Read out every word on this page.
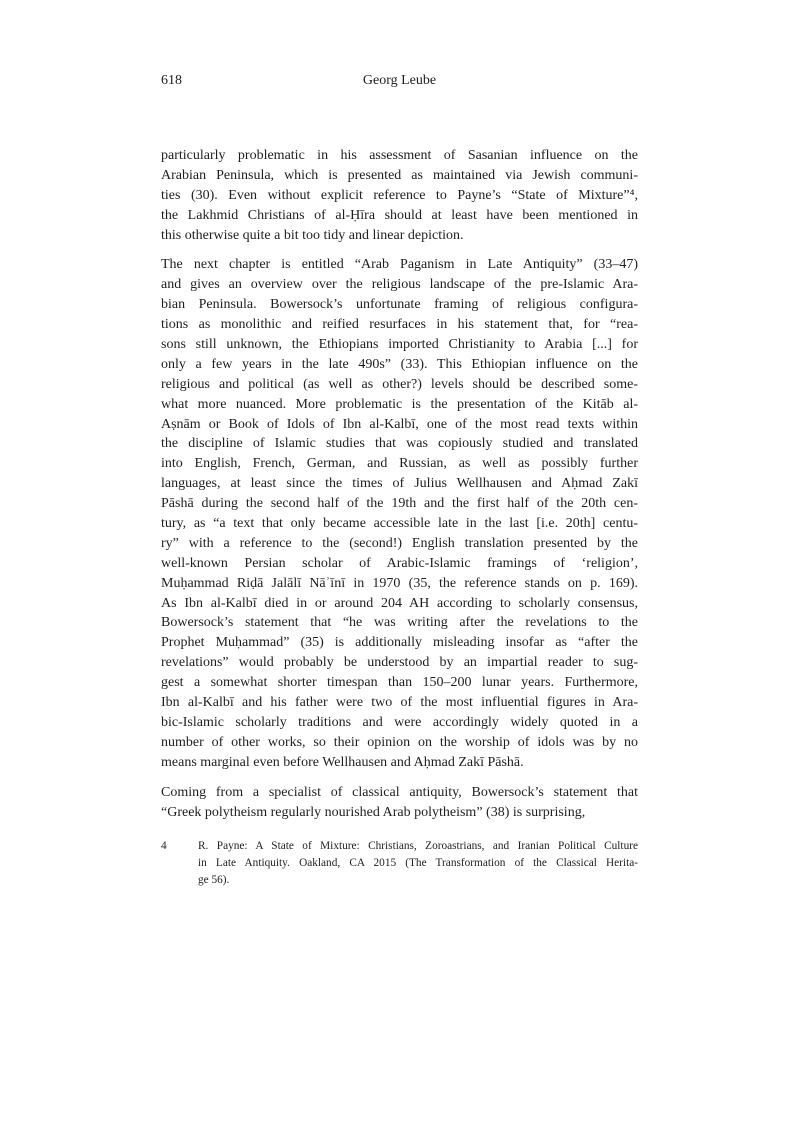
618	Georg Leube
particularly problematic in his assessment of Sasanian influence on the
Arabian Peninsula, which is presented as maintained via Jewish communi-
ties (30). Even without explicit reference to Payne’s “State of Mixture”⁴,
the Lakhmid Christians of al-Ḥīra should at least have been mentioned in
this otherwise quite a bit too tidy and linear depiction.
The next chapter is entitled “Arab Paganism in Late Antiquity” (33–47)
and gives an overview over the religious landscape of the pre-Islamic Ara-
bian Peninsula. Bowersock’s unfortunate framing of religious configura-
tions as monolithic and reified resurfaces in his statement that, for “rea-
sons still unknown, the Ethiopians imported Christianity to Arabia [...] for
only a few years in the late 490s” (33). This Ethiopian influence on the
religious and political (as well as other?) levels should be described some-
what more nuanced. More problematic is the presentation of the Kitāb al-
Aṣnām or Book of Idols of Ibn al-Kalbī, one of the most read texts within
the discipline of Islamic studies that was copiously studied and translated
into English, French, German, and Russian, as well as possibly further
languages, at least since the times of Julius Wellhausen and Aḥmad Zakī
Pāshā during the second half of the 19th and the first half of the 20th cen-
tury, as “a text that only became accessible late in the last [i.e. 20th] centu-
ry” with a reference to the (second!) English translation presented by the
well-known Persian scholar of Arabic-Islamic framings of ‘religion’,
Muḥammad Riḍā Jalālī Nāʾīnī in 1970 (35, the reference stands on p. 169).
As Ibn al-Kalbī died in or around 204 AH according to scholarly consensus,
Bowersock’s statement that “he was writing after the revelations to the
Prophet Muḥammad” (35) is additionally misleading insofar as “after the
revelations” would probably be understood by an impartial reader to sug-
gest a somewhat shorter timespan than 150–200 lunar years. Furthermore,
Ibn al-Kalbī and his father were two of the most influential figures in Ara-
bic-Islamic scholarly traditions and were accordingly widely quoted in a
number of other works, so their opinion on the worship of idols was by no
means marginal even before Wellhausen and Aḥmad Zakī Pāshā.
Coming from a specialist of classical antiquity, Bowersock’s statement that
“Greek polytheism regularly nourished Arab polytheism” (38) is surprising,
4	R. Payne: A State of Mixture: Christians, Zoroastrians, and Iranian Political Culture
in Late Antiquity. Oakland, CA 2015 (The Transformation of the Classical Herita-
ge 56).
